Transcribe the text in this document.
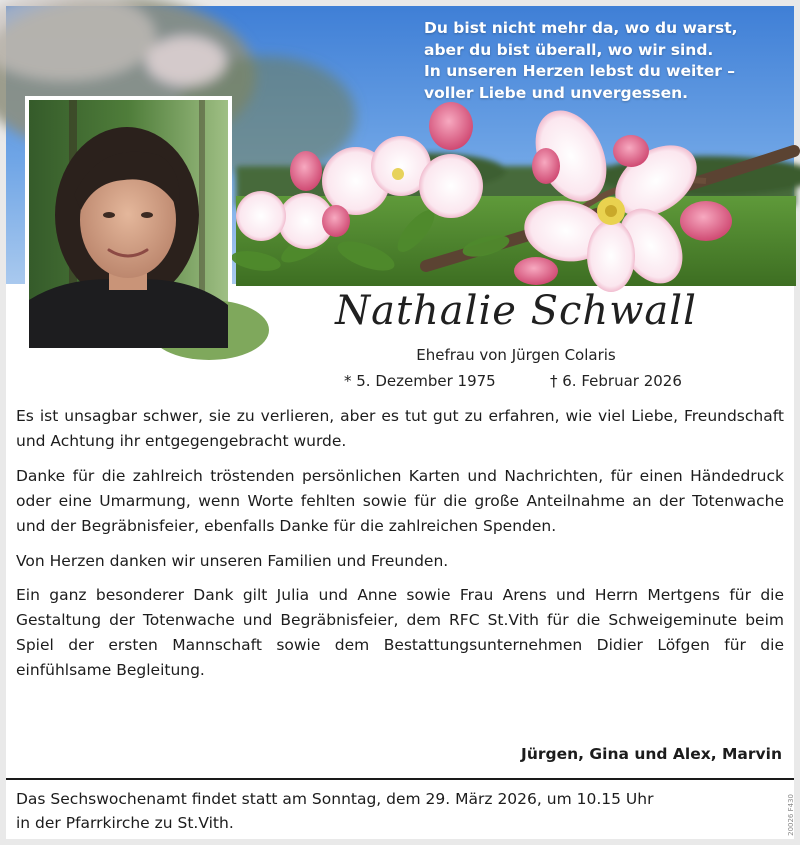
Du bist nicht mehr da, wo du warst,
aber du bist überall, wo wir sind.
In unseren Herzen lebst du weiter –
voller Liebe und unvergessen.
Nathalie Schwall
Ehefrau von Jürgen Colaris
* 5. Dezember 1975	† 6. Februar 2026

Es ist unsagbar schwer, sie zu verlieren, aber es tut gut zu erfahren, wie viel Liebe, Freundschaft und Achtung ihr entgegengebracht wurde.

Danke für die zahlreich tröstenden persönlichen Karten und Nachrichten, für einen Händedruck oder eine Umarmung, wenn Worte fehlten sowie für die große Anteilnahme an der Totenwache und der Begräbnisfeier, ebenfalls Danke für die zahlreichen Spenden.

Von Herzen danken wir unseren Familien und Freunden.

Ein ganz besonderer Dank gilt Julia und Anne sowie Frau Arens und Herrn Mertgens für die Gestaltung der Totenwache und Begräbnisfeier, dem RFC St.Vith für die Schweigeminute beim Spiel der ersten Mannschaft sowie dem Bestattungsunternehmen Didier Löfgen für die einfühlsame Begleitung.

Jürgen, Gina und Alex, Marvin
Das Sechswochenamt findet statt am Sonntag, dem 29. März 2026, um 10.15 Uhr
in der Pfarrkirche zu St.Vith.	20026 F430
